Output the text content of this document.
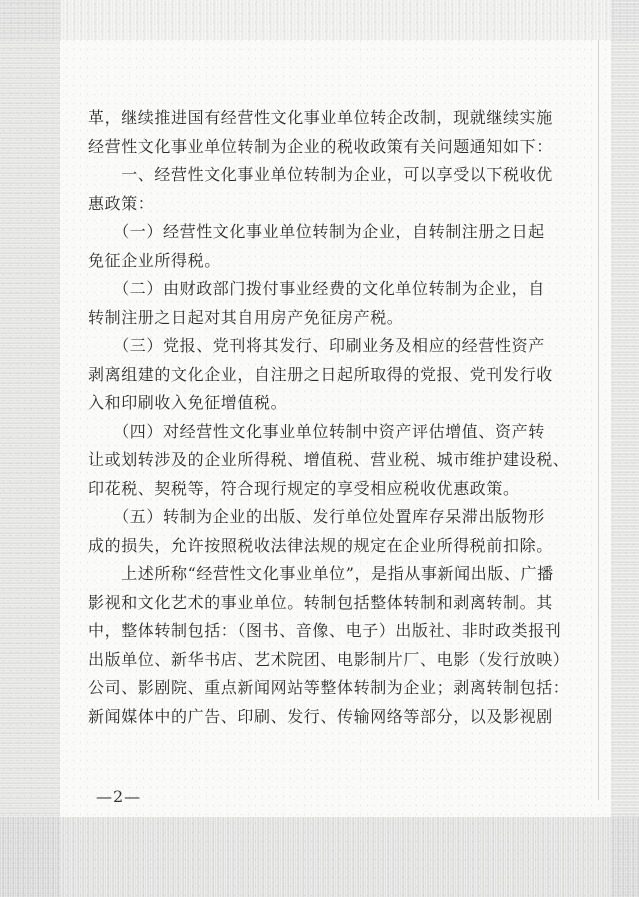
革，继续推进国有经营性文化事业单位转企改制，现就继续实施
经营性文化事业单位转制为企业的税收政策有关问题通知如下：
　　一、经营性文化事业单位转制为企业，可以享受以下税收优
惠政策：
　　（一）经营性文化事业单位转制为企业，自转制注册之日起
免征企业所得税。
　　（二）由财政部门拨付事业经费的文化单位转制为企业，自
转制注册之日起对其自用房产免征房产税。
　　（三）党报、党刊将其发行、印刷业务及相应的经营性资产
剥离组建的文化企业，自注册之日起所取得的党报、党刊发行收
入和印刷收入免征增值税。
　　（四）对经营性文化事业单位转制中资产评估增值、资产转
让或划转涉及的企业所得税、增值税、营业税、城市维护建设税、
印花税、契税等，符合现行规定的享受相应税收优惠政策。
　　（五）转制为企业的出版、发行单位处置库存呆滞出版物形
成的损失，允许按照税收法律法规的规定在企业所得税前扣除。
　　上述所称“经营性文化事业单位”，是指从事新闻出版、广播
影视和文化艺术的事业单位。转制包括整体转制和剥离转制。其
中，整体转制包括：（图书、音像、电子）出版社、非时政类报刊
出版单位、新华书店、艺术院团、电影制片厂、电影（发行放映）
公司、影剧院、重点新闻网站等整体转制为企业；剥离转制包括：
新闻媒体中的广告、印刷、发行、传输网络等部分，以及影视剧
—2—
